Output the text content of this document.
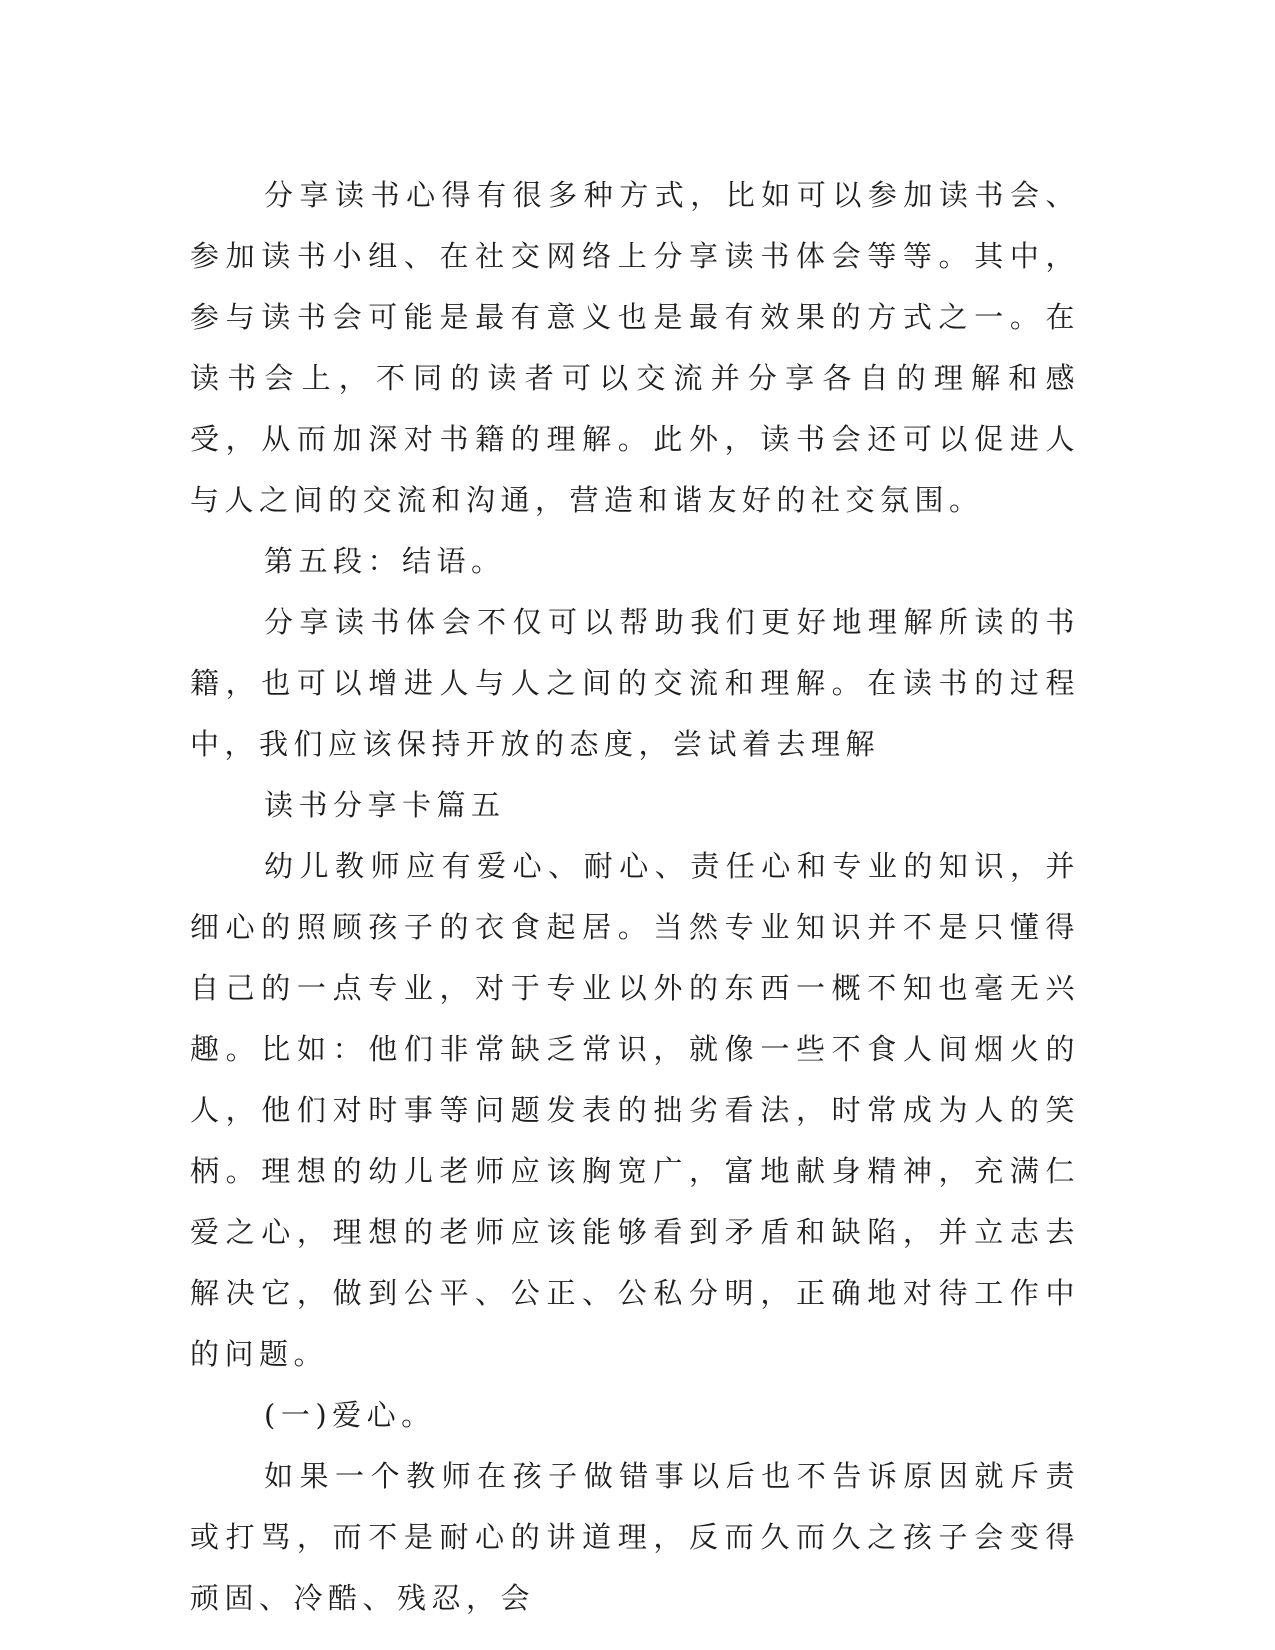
分享读书心得有很多种方式，比如可以参加读书会、参加读书小组、在社交网络上分享读书体会等等。其中，参与读书会可能是最有意义也是最有效果的方式之一。在读书会上，不同的读者可以交流并分享各自的理解和感受，从而加深对书籍的理解。此外，读书会还可以促进人与人之间的交流和沟通，营造和谐友好的社交氛围。

第五段：结语。

分享读书体会不仅可以帮助我们更好地理解所读的书籍，也可以增进人与人之间的交流和理解。在读书的过程中，我们应该保持开放的态度，尝试着去理解

读书分享卡篇五

幼儿教师应有爱心、耐心、责任心和专业的知识，并细心的照顾孩子的衣食起居。当然专业知识并不是只懂得自己的一点专业，对于专业以外的东西一概不知也毫无兴趣。比如：他们非常缺乏常识，就像一些不食人间烟火的人，他们对时事等问题发表的拙劣看法，时常成为人的笑柄。理想的幼儿老师应该胸宽广，富地献身精神，充满仁爱之心，理想的老师应该能够看到矛盾和缺陷，并立志去解决它，做到公平、公正、公私分明，正确地对待工作中的问题。

(一)爱心。

如果一个教师在孩子做错事以后也不告诉原因就斥责或打骂，而不是耐心的讲道理，反而久而久之孩子会变得顽固、冷酷、残忍，会
